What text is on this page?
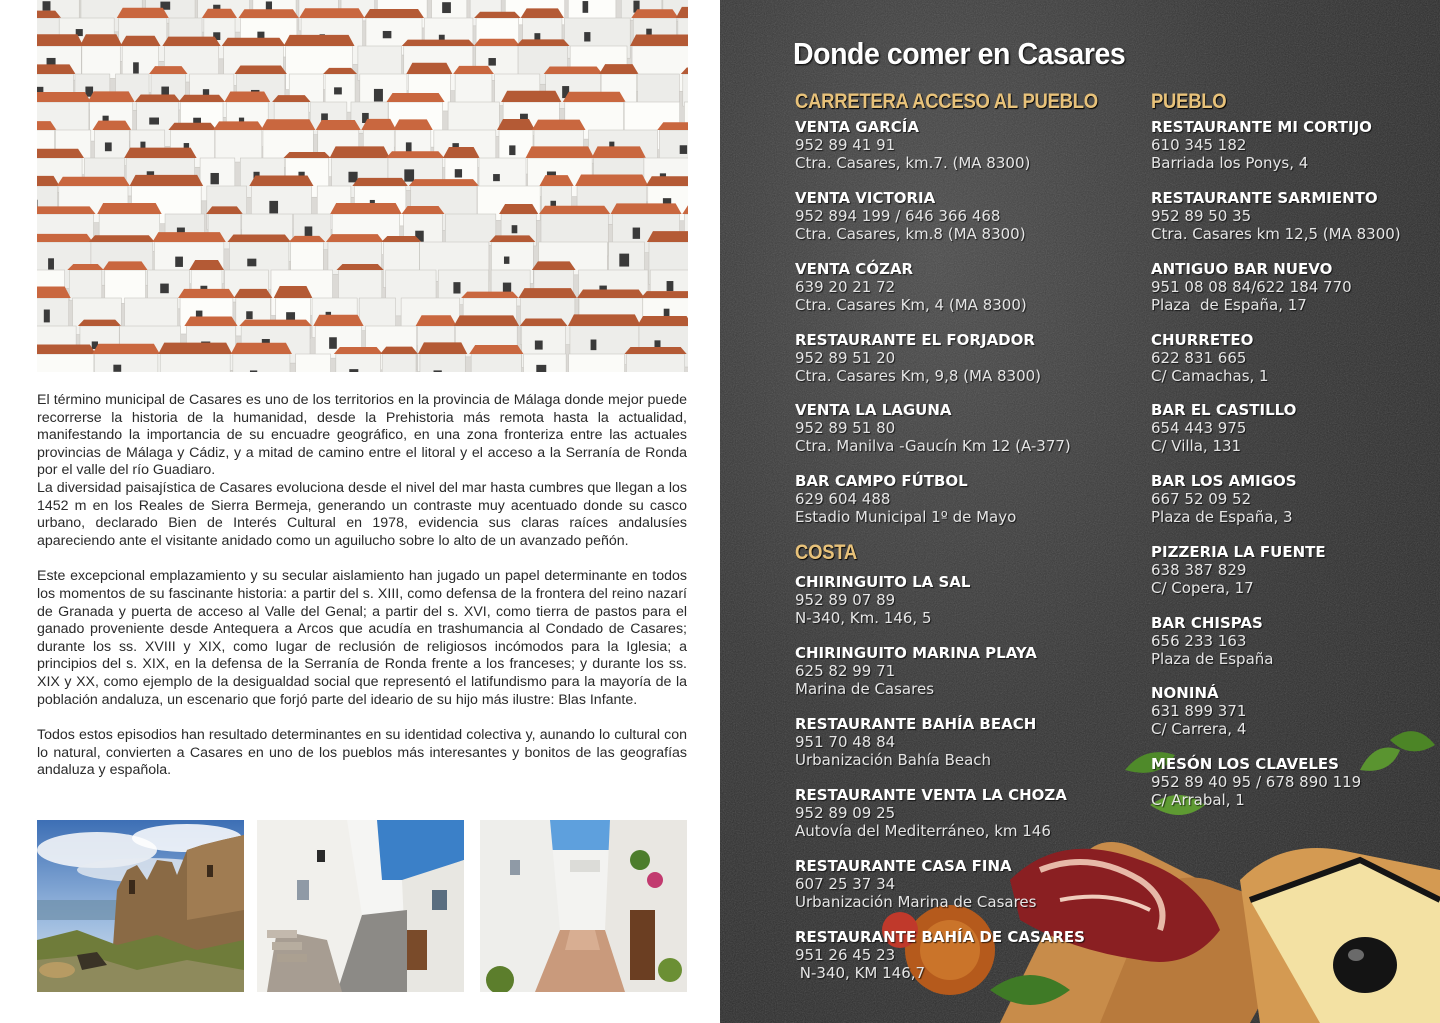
El término municipal de Casares es uno de los territorios en la provincia de Málaga donde mejor puede recorrerse la historia de la humanidad, desde la Prehistoria más remota hasta la actualidad, manifestando la importancia de su encuadre geográfico, en una zona fronteriza entre las actuales provincias de Málaga y Cádiz, y a mitad de camino entre el litoral y el acceso a la Serranía de Ronda por el valle del río Guadiaro.

La diversidad paisajística de Casares evoluciona desde el nivel del mar hasta cumbres que llegan a los 1452 m en los Reales de Sierra Bermeja, generando un contraste muy acentuado donde su casco urbano, declarado Bien de Interés Cultural en 1978, evidencia sus claras raíces andalusíes apareciendo ante el visitante anidado como un aguilucho sobre lo alto de un avanzado peñón.

Este excepcional emplazamiento y su secular aislamiento han jugado un papel determinante en todos los momentos de su fascinante historia: a partir del s. XIII, como defensa de la frontera del reino nazarí de Granada y puerta de acceso al Valle del Genal; a partir del s. XVI, como tierra de pastos para el ganado proveniente desde Antequera a Arcos que acudía en trashumancia al Condado de Casares; durante los ss. XVIII y XIX, como lugar de reclusión de religiosos incómodos para la Iglesia; a principios del s. XIX, en la defensa de la Serranía de Ronda frente a los franceses; y durante los ss. XIX y XX, como ejemplo de la desigualdad social que representó el latifundismo para la mayoría de la población andaluza, un escenario que forjó parte del ideario de su hijo más ilustre: Blas Infante.

Todos estos episodios han resultado determinantes en su identidad colectiva y, aunando lo cultural con lo natural, convierten a Casares en uno de los pueblos más interesantes y bonitos de las geografías andaluza y española.

Donde comer en Casares
CARRETERA ACCESO AL PUEBLO
COSTA
PUEBLO
VENTA GARCÍA
952 89 41 91
Ctra. Casares, km.7. (MA 8300)
VENTA VICTORIA
952 894 199 / 646 366 468
Ctra. Casares, km.8 (MA 8300)
VENTA CÓZAR
639 20 21 72
Ctra. Casares Km, 4 (MA 8300)
RESTAURANTE EL FORJADOR
952 89 51 20
Ctra. Casares Km, 9,8 (MA 8300)
VENTA LA LAGUNA
952 89 51 80
Ctra. Manilva -Gaucín Km 12 (A-377)
BAR CAMPO FÚTBOL
629 604 488
Estadio Municipal 1º de Mayo
CHIRINGUITO LA SAL
952 89 07 89
N-340, Km. 146, 5
CHIRINGUITO MARINA PLAYA
625 82 99 71
Marina de Casares
RESTAURANTE BAHÍA BEACH
951 70 48 84
Urbanización Bahía Beach
RESTAURANTE VENTA LA CHOZA
952 89 09 25
Autovía del Mediterráneo, km 146
RESTAURANTE CASA FINA
607 25 37 34
Urbanización Marina de Casares
RESTAURANTE BAHÍA DE CASARES
951 26 45 23
N-340, KM 146,7
RESTAURANTE MI CORTIJO
610 345 182
Barriada los Ponys, 4
RESTAURANTE SARMIENTO
952 89 50 35
Ctra. Casares km 12,5 (MA 8300)
ANTIGUO BAR NUEVO
951 08 08 84/622 184 770
Plaza  de España, 17
CHURRETEO
622 831 665
C/ Camachas, 1
BAR EL CASTILLO
654 443 975
C/ Villa, 131
BAR LOS AMIGOS
667 52 09 52
Plaza de España, 3
PIZZERIA LA FUENTE
638 387 829
C/ Copera, 17
BAR CHISPAS
656 233 163
Plaza de España
NONINÁ
631 899 371
C/ Carrera, 4
MESÓN LOS CLAVELES
952 89 40 95 / 678 890 119
C/ Arrabal, 1
